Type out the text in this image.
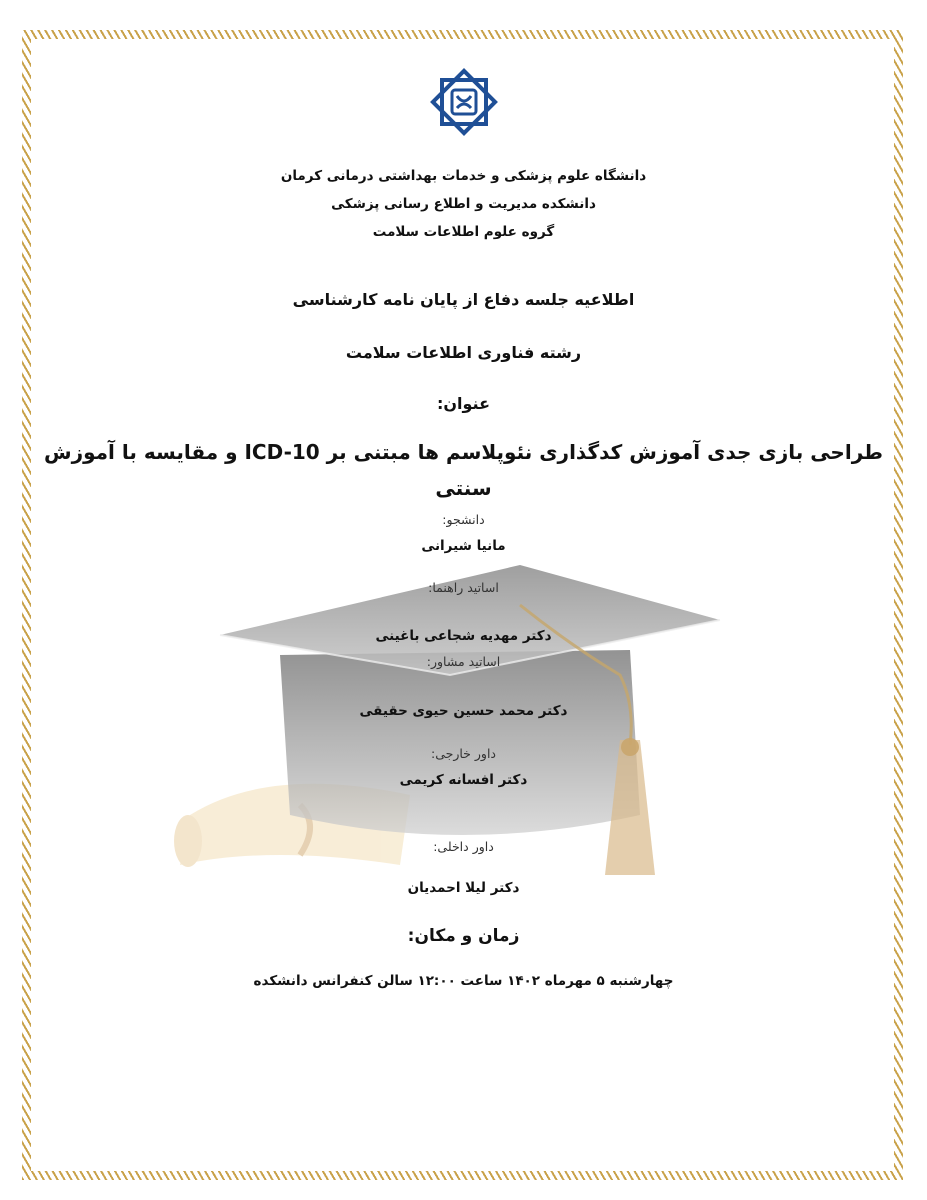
دانشگاه علوم پزشکی و خدمات بهداشتی درمانی کرمان
دانشکده مدیریت و اطلاع رسانی پزشکی
گروه علوم اطلاعات سلامت
اطلاعیه جلسه دفاع از پایان نامه کارشناسی
رشته فناوری اطلاعات سلامت
عنوان:
طراحی بازی جدی آموزش کدگذاری نئوپلاسم ها مبتنی بر ICD-10 و مقایسه با آموزش
سنتی
دانشجو:
مانیا شیرانی
اساتید راهنما:
دکتر مهدیه شجاعی باغینی
اساتید مشاور:
دکتر محمد حسین حیوی حقیقی
داور خارجی:
دکتر افسانه کریمی
داور داخلی:
دکتر لیلا احمدیان
زمان و مکان:
چهارشنبه ۵ مهرماه ۱۴۰۲ ساعت ۱۲:۰۰ سالن کنفرانس دانشکده
